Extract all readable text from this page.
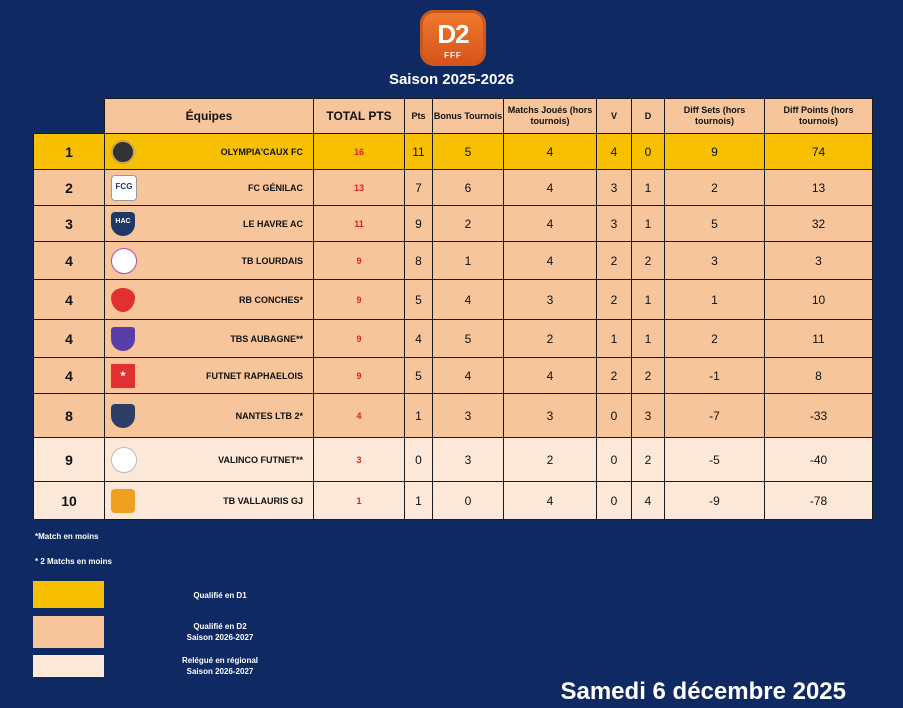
D2
FFF
Saison 2025-2026
	Équipes		TOTAL PTS	Pts	Bonus Tournois	Matchs Joués (hors tournois)	V	D	Diff Sets (hors tournois)	Diff Points (hors tournois)
1		OLYMPIA'CAUX FC	16	11	5	4	4	0	9	74
2	FCG	FC GÉNILAC	13	7	6	4	3	1	2	13
3	HAC	LE HAVRE AC	11	9	2	4	3	1	5	32
4		TB LOURDAIS	9	8	1	4	2	2	3	3
4		RB CONCHES*	9	5	4	3	2	1	1	10
4		TBS AUBAGNE**	9	4	5	2	1	1	2	11
4	★	FUTNET RAPHAELOIS	9	5	4	4	2	2	-1	8
8		NANTES LTB 2*	4	1	3	3	0	3	-7	-33
9		VALINCO FUTNET**	3	0	3	2	0	2	-5	-40
10		TB VALLAURIS GJ	1	1	0	4	0	4	-9	-78
*Match en moins
* 2 Matchs en moins
Qualifié en D1
Qualifié en D2
Saison 2026-2027
Relégué en régional
Saison 2026-2027
Samedi 6 décembre 2025
